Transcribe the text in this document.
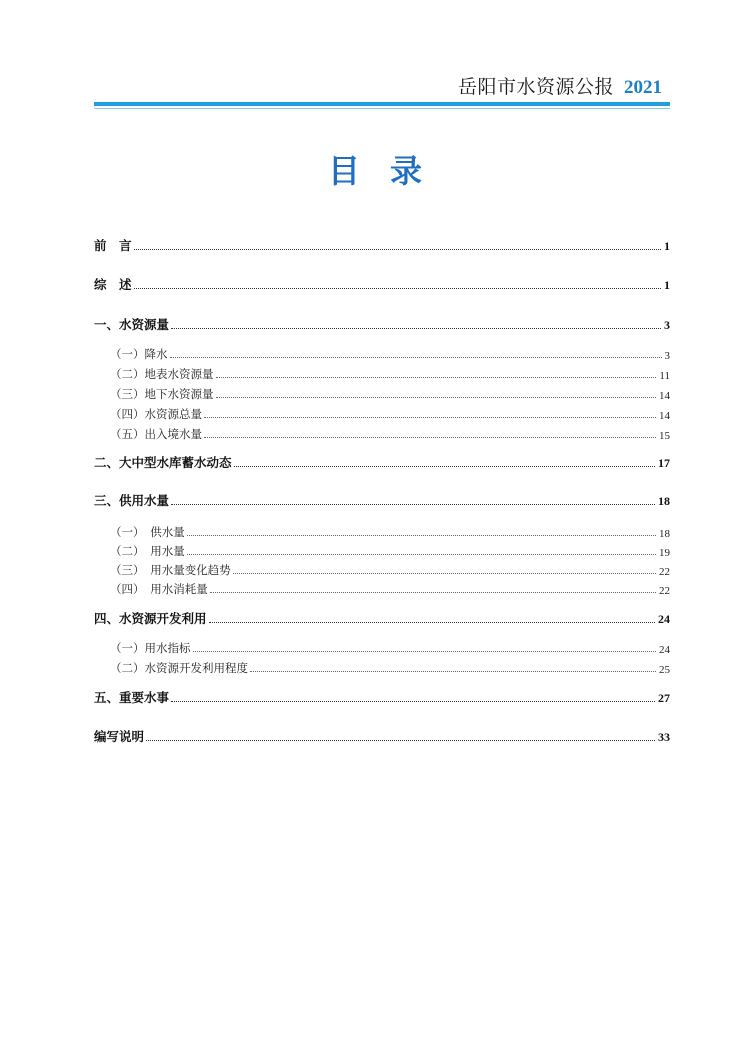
岳阳市水资源公报 2021
目录
前　言	1
综　述	1
一、水资源量	3
（一）降水	3
（二）地表水资源量	11
（三）地下水资源量	14
（四）水资源总量	14
（五）出入境水量	15
二、大中型水库蓄水动态	17
三、供用水量	18
（一）　供水量	18
（二）　用水量	19
（三）　用水量变化趋势	22
（四）　用水消耗量	22
四、水资源开发利用	24
（一）用水指标	24
（二）水资源开发利用程度	25
五、重要水事	27
编写说明	33
